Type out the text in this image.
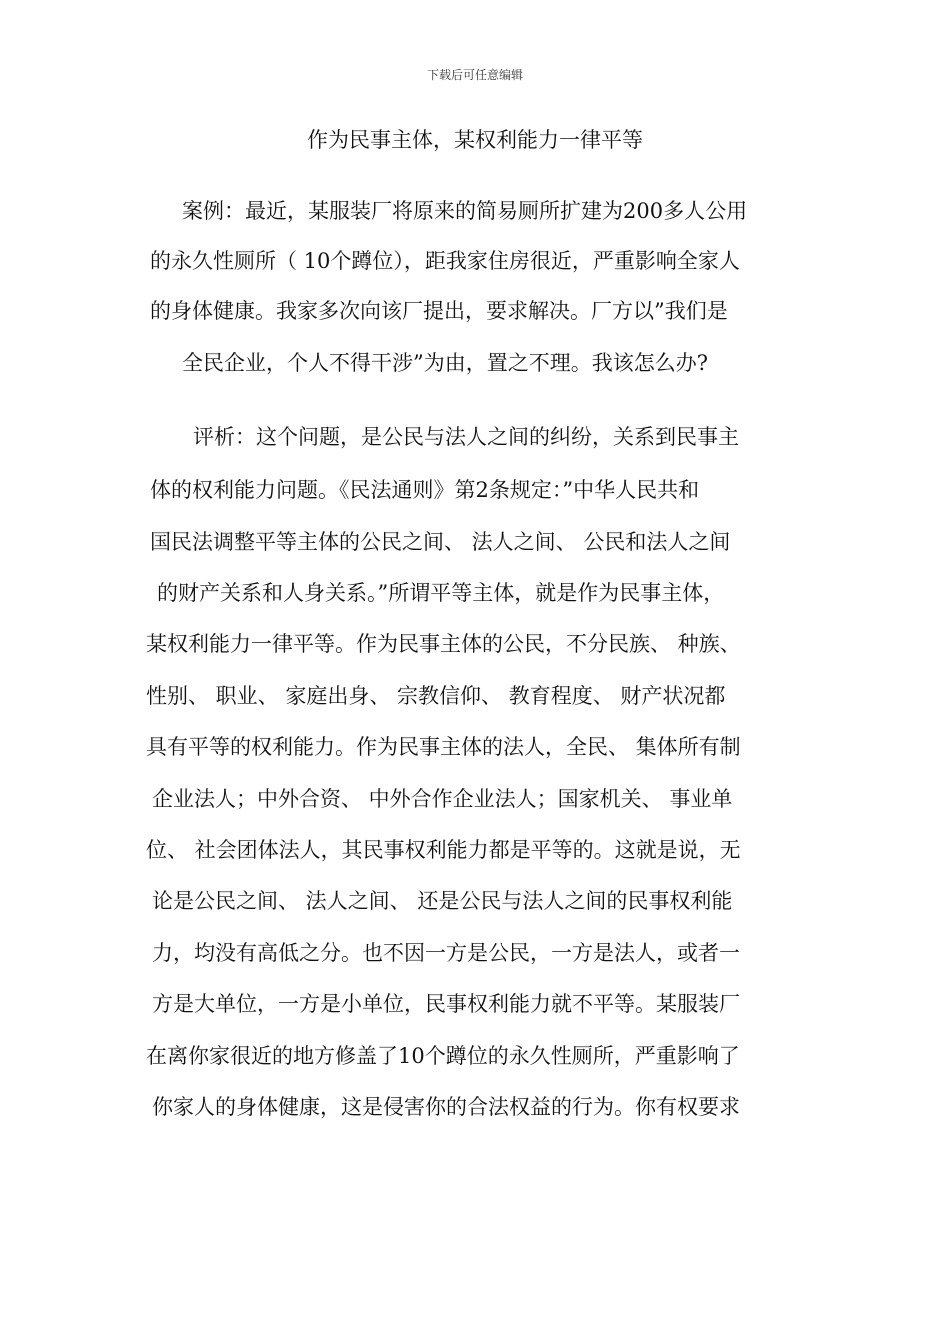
下载后可任意编辑
作为民事主体，某权利能力一律平等
案例：最近，某服装厂将原来的简易厕所扩建为200多人公用
的永久性厕所（ 10个蹲位），距我家住房很近，严重影响全家人
的身体健康。我家多次向该厂提出，要求解决。厂方以”我们是
全民企业，个人不得干涉”为由，置之不理。我该怎么办?
评析：这个问题，是公民与法人之间的纠纷，关系到民事主
体的权利能力问题。《民法通则》第2条规定：”中华人民共和
国民法调整平等主体的公民之间、 法人之间、 公民和法人之间
的财产关系和人身关系。”所谓平等主体，就是作为民事主体，
某权利能力一律平等。作为民事主体的公民，不分民族、 种族、
性别、 职业、 家庭出身、 宗教信仰、 教育程度、 财产状况都
具有平等的权利能力。作为民事主体的法人，全民、 集体所有制
企业法人；中外合资、 中外合作企业法人；国家机关、 事业单
位、 社会团体法人，其民事权利能力都是平等的。这就是说，无
论是公民之间、 法人之间、 还是公民与法人之间的民事权利能
力，均没有高低之分。也不因一方是公民，一方是法人，或者一
方是大单位，一方是小单位，民事权利能力就不平等。某服装厂
在离你家很近的地方修盖了10个蹲位的永久性厕所，严重影响了
你家人的身体健康，这是侵害你的合法权益的行为。你有权要求
